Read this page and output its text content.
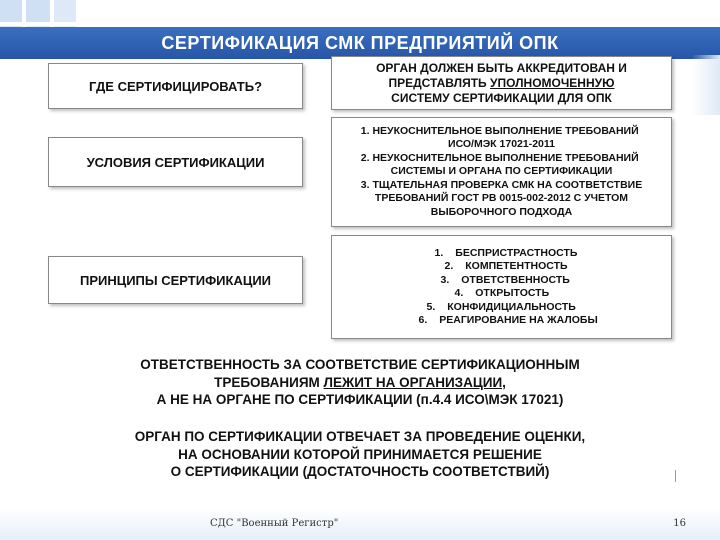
СЕРТИФИКАЦИЯ СМК ПРЕДПРИЯТИЙ ОПК
ГДЕ СЕРТИФИЦИРОВАТЬ?
ОРГАН ДОЛЖЕН БЫТЬ АККРЕДИТОВАН И
ПРЕДСТАВЛЯТЬ УПОЛНОМОЧЕННУЮ
СИСТЕМУ СЕРТИФИКАЦИИ ДЛЯ ОПК
УСЛОВИЯ СЕРТИФИКАЦИИ
1. НЕУКОСНИТЕЛЬНОЕ ВЫПОЛНЕНИЕ ТРЕБОВАНИЙ
ИСО/МЭК 17021-2011
2. НЕУКОСНИТЕЛЬНОЕ ВЫПОЛНЕНИЕ ТРЕБОВАНИЙ
СИСТЕМЫ И ОРГАНА ПО СЕРТИФИКАЦИИ
3. ТЩАТЕЛЬНАЯ ПРОВЕРКА СМК НА СООТВЕТСТВИЕ
ТРЕБОВАНИЙ ГОСТ РВ 0015-002-2012 С УЧЕТОМ
ВЫБОРОЧНОГО ПОДХОДА
ПРИНЦИПЫ СЕРТИФИКАЦИИ
1.	БЕСПРИСТРАСТНОСТЬ
2.	КОМПЕТЕНТНОСТЬ
3.	ОТВЕТСТВЕННОСТЬ
4.	ОТКРЫТОСТЬ
5.	КОНФИДИЦИАЛЬНОСТЬ
6.	РЕАГИРОВАНИЕ НА ЖАЛОБЫ
ОТВЕТСТВЕННОСТЬ ЗА СООТВЕТСТВИЕ СЕРТИФИКАЦИОННЫМ
ТРЕБОВАНИЯМ ЛЕЖИТ НА ОРГАНИЗАЦИИ,
А НЕ НА ОРГАНЕ ПО СЕРТИФИКАЦИИ (п.4.4 ИСО\МЭК 17021)
ОРГАН ПО СЕРТИФИКАЦИИ ОТВЕЧАЕТ ЗА ПРОВЕДЕНИЕ ОЦЕНКИ,
НА ОСНОВАНИИ КОТОРОЙ ПРИНИМАЕТСЯ РЕШЕНИЕ
О СЕРТИФИКАЦИИ (ДОСТАТОЧНОСТЬ СООТВЕТСТВИЙ)
СДС "Военный Регистр"	16
